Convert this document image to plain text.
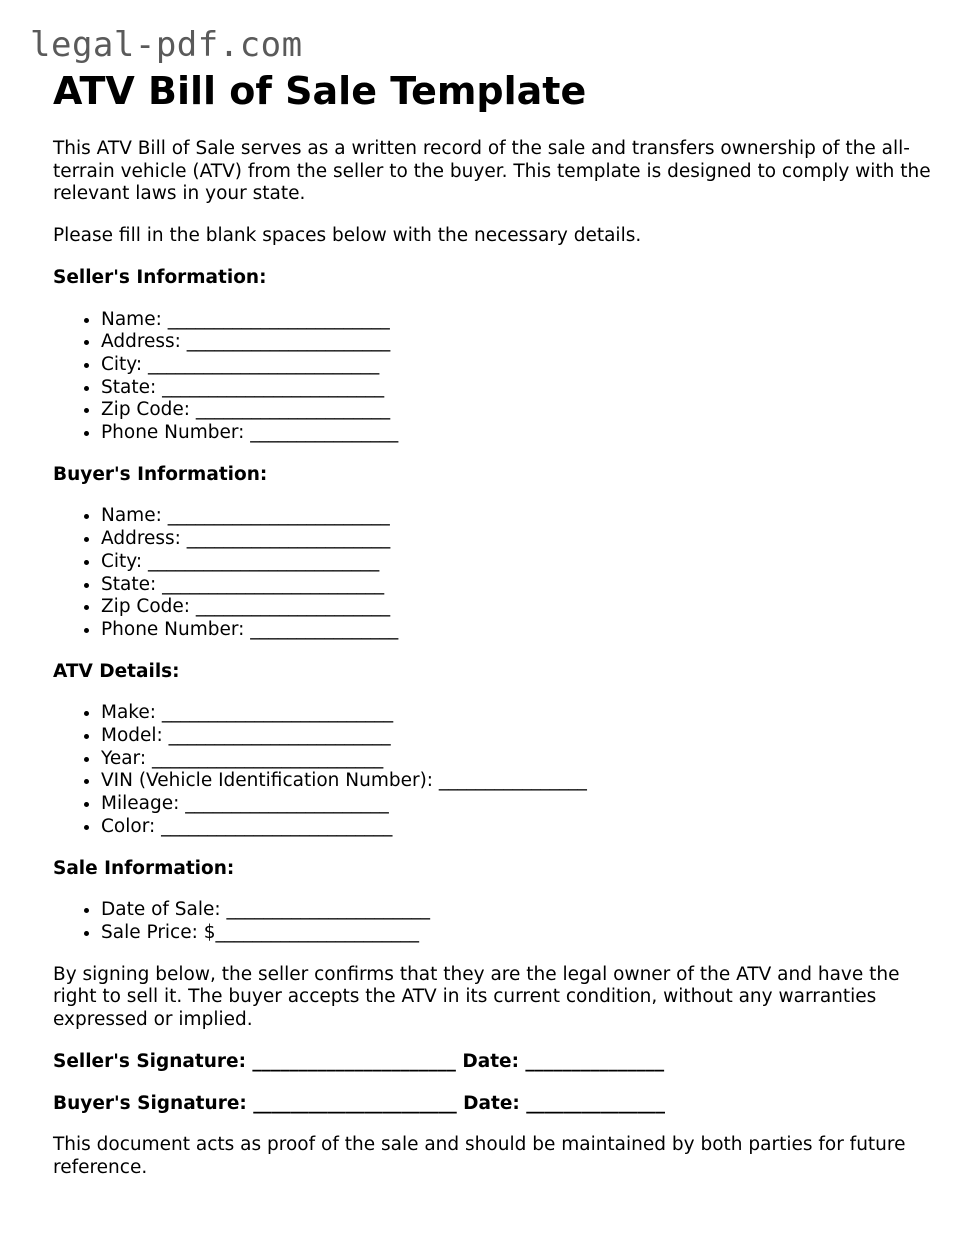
legal-pdf.com
ATV Bill of Sale Template

This ATV Bill of Sale serves as a written record of the sale and transfers ownership of the all-terrain vehicle (ATV) from the seller to the buyer. This template is designed to comply with the relevant laws in your state.

Please fill in the blank spaces below with the necessary details.

Seller's Information:
• Name: ________________________
• Address: ______________________
• City: _________________________
• State: ________________________
• Zip Code: _____________________
• Phone Number: ________________
Buyer's Information:
• Name: ________________________
• Address: ______________________
• City: _________________________
• State: ________________________
• Zip Code: _____________________
• Phone Number: ________________
ATV Details:
• Make: _________________________
• Model: ________________________
• Year: _________________________
• VIN (Vehicle Identification Number): ________________
• Mileage: ______________________
• Color: _________________________
Sale Information:
• Date of Sale: ______________________
• Sale Price: $______________________

By signing below, the seller confirms that they are the legal owner of the ATV and have the right to sell it. The buyer accepts the ATV in its current condition, without any warranties expressed or implied.

Seller's Signature: ______________________ Date: _______________
Buyer's Signature: ______________________ Date: _______________

This document acts as proof of the sale and should be maintained by both parties for future reference.
